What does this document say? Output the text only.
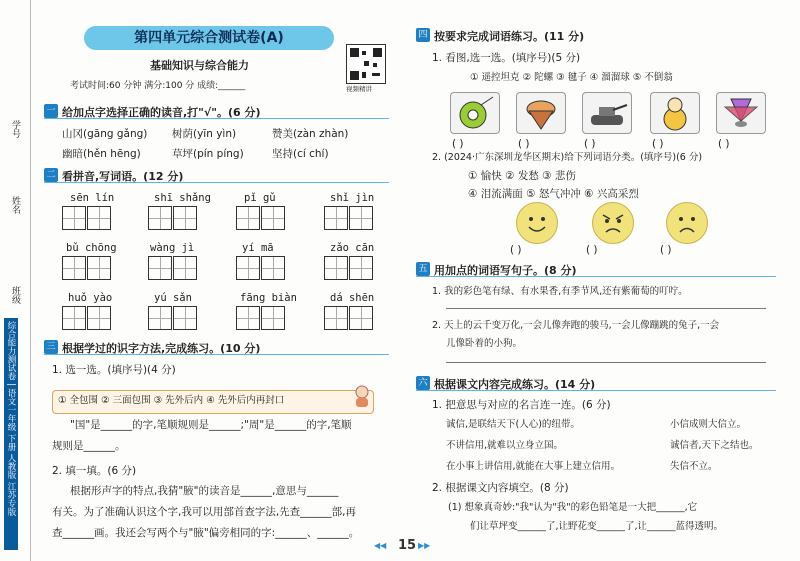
学号
姓名
班级
综合能力测试卷 | 语文一年级 下册 人教版 江苏专版
第四单元综合测试卷(A)
基础知识与综合能力
视频精讲
考试时间:60 分钟 满分:100 分 成绩:______
一 给加点字选择正确的读音,打"√"。(6 分)
山冈(gāng gǎng) 树荫(yīn yìn)	赞美(zàn zhàn)
幽暗(hěn hēng)	草坪(pín píng)	坚持(cí chí)
二 看拼音,写词语。(12 分)
sēn lín	shī shǎng	pǐ gǔ	shǐ jìn
bǔ chōng	wàng jì	yí mā	zǎo cān
huǒ yào	yú sǎn	fāng biàn	dá shēn
三 根据学过的识字方法,完成练习。(10 分)
1. 选一选。(填序号)(4 分)
① 全包围 ② 三面包围 ③ 先外后内 ④ 先外后内再封口
"国"是______的字,笔顺规则是______;"周"是______的字,笔顺
规则是______。
2. 填一填。(6 分)
根据形声字的特点,我猜"腋"的读音是______,意思与______
有关。为了准确认识这个字,我可以用部首查字法,先查______部,再
查______画。我还会写两个与"腋"偏旁相同的字:______、______。
四 按要求完成词语练习。(11 分)
1. 看图,选一选。(填序号)(5 分)
① 遥控坦克 ② 陀螺 ③ 毽子 ④ 溜溜球 ⑤ 不倒翁
( )	( )	( )	( )	( )
2. (2024·广东深圳龙华区期末)给下列词语分类。(填序号)(6 分)
① 愉快 ② 发愁 ③ 悲伤
④ 泪流满面 ⑤ 怒气冲冲 ⑥ 兴高采烈
( )	( )	( )
五 用加点的词语写句子。(8 分)
1. 我的彩色笔有绿、有水果香,有季节风,还有紫葡萄的叮咛。
2. 天上的云千变万化,一会儿像奔跑的骏马,一会儿像蹦跳的兔子,一会
儿像卧着的小狗。
六 根据课文内容完成练习。(14 分)
1. 把意思与对应的名言连一连。(6 分)
诚信,是联结天下(人心)的纽带。
不讲信用,就难以立身立国。
在小事上讲信用,就能在大事上建立信用。
小信成则大信立。
诚信者,天下之结也。
失信不立。
2. 根据课文内容填空。(8 分)
(1) 想象真奇妙:"我"认为"我"的彩色铅笔是一大把______,它
们让草坪变______了,让野花变______了,让______蓝得透明。
◀◀ 15 ▶▶
